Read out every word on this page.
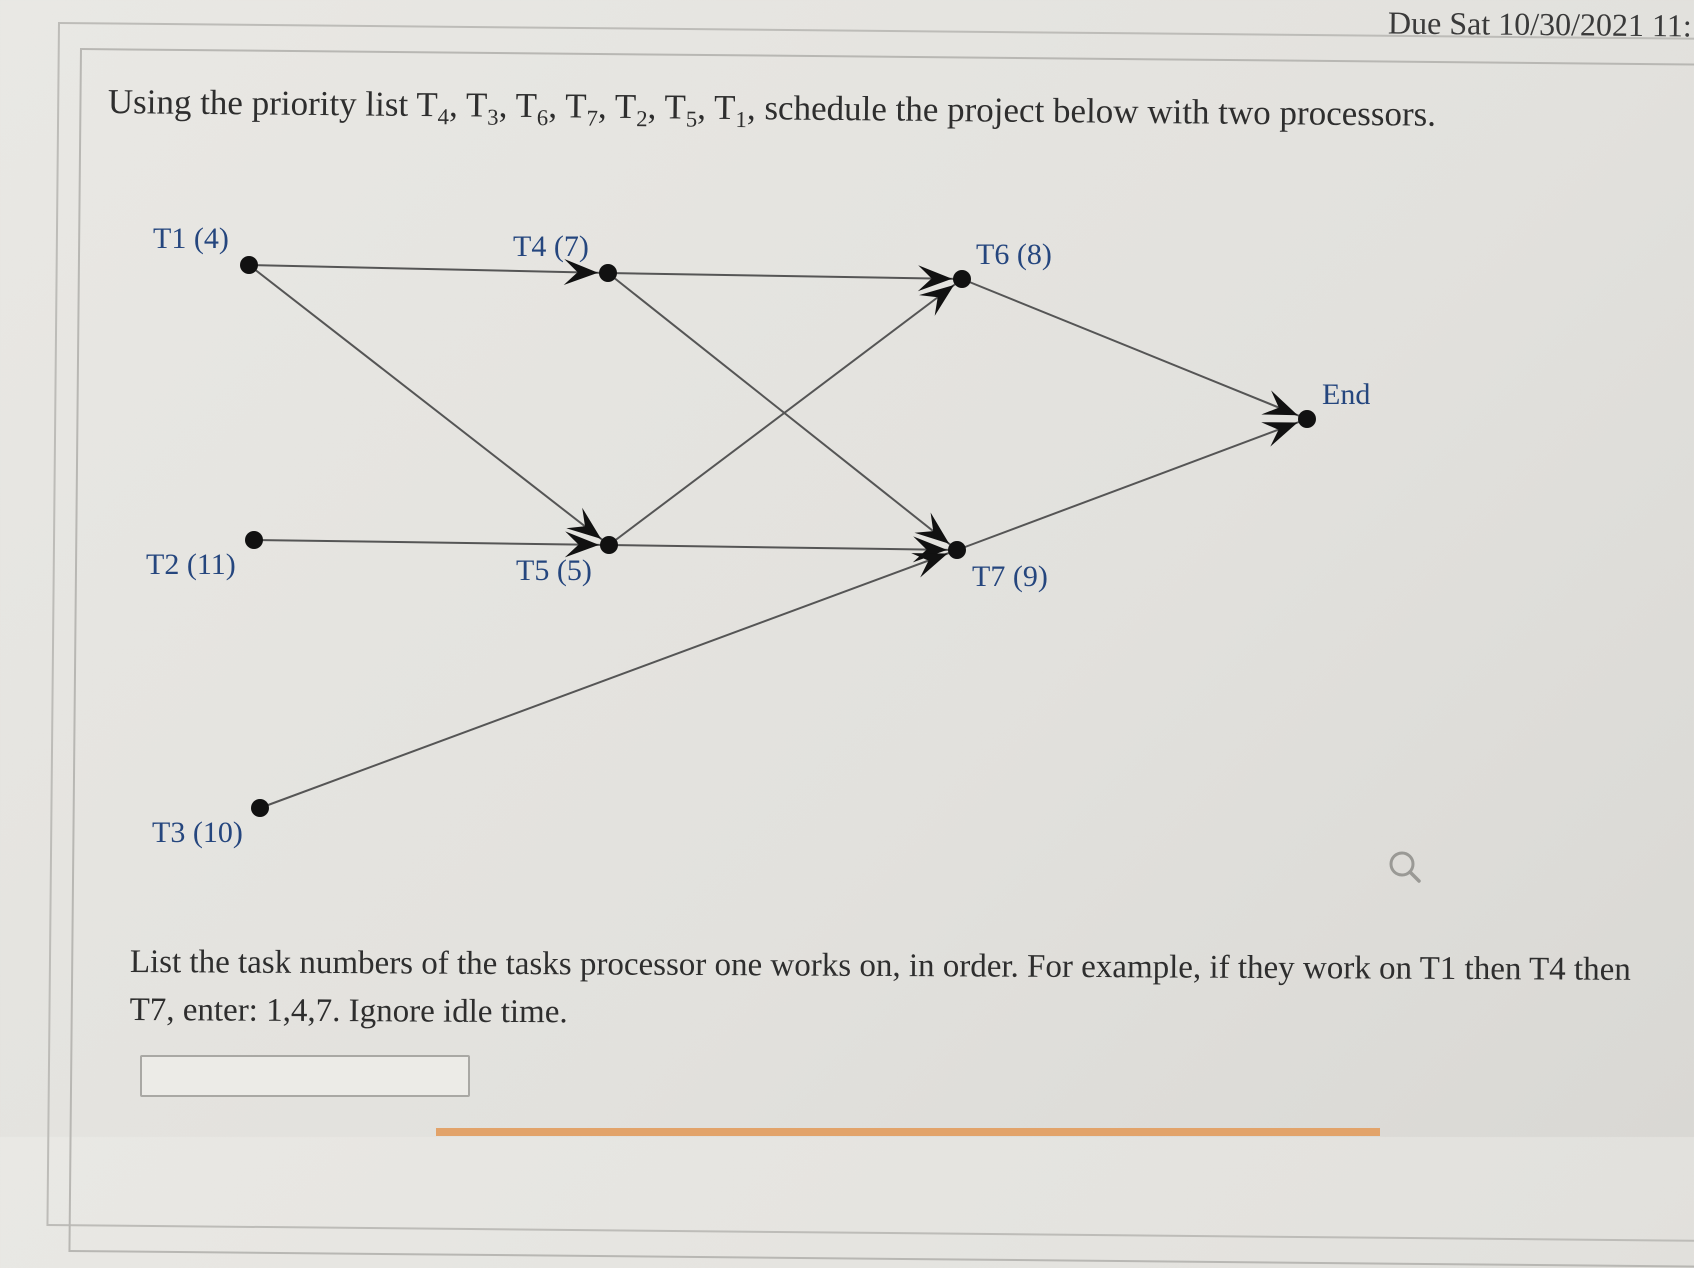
Due Sat 10/30/2021 11:
Using the priority list $T_4$, $T_3$, $T_6$, $T_7$, $T_2$, $T_5$, $T_1$, schedule the project below with two processors.
T1 (4)	T4 (7)	T6 (8)
End
T2 (11)	T5 (5)	T7 (9)
T3 (10)
List the task numbers of the tasks processor one works on, in order. For example, if they work on T1 then T4 then T7, enter: 1,4,7. Ignore idle time.
